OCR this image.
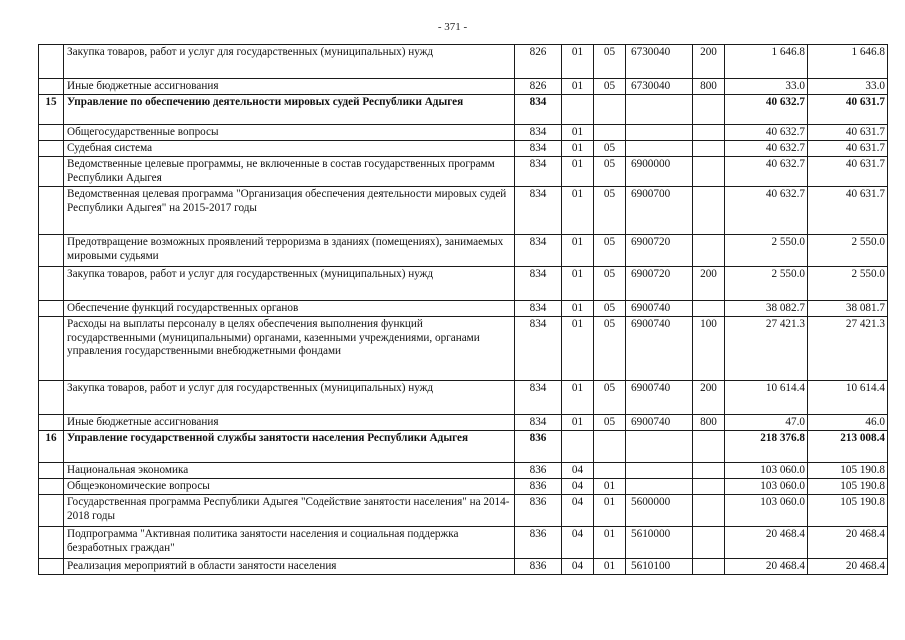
- 371 -
	Закупка товаров, работ и услуг для государственных (муниципальных) нужд	826	01	05	6730040	200	1 646.8	1 646.8
	Иные бюджетные ассигнования	826	01	05	6730040	800	33.0	33.0
15	Управление по обеспечению деятельности мировых судей Республики Адыгея	834					40 632.7	40 631.7
	Общегосударственные вопросы	834	01				40 632.7	40 631.7
	Судебная система	834	01	05			40 632.7	40 631.7
	Ведомственные целевые программы, не включенные в состав государственных программ Республики Адыгея	834	01	05	6900000		40 632.7	40 631.7
	Ведомственная целевая программа "Организация обеспечения деятельности мировых судей Республики Адыгея" на 2015-2017 годы	834	01	05	6900700		40 632.7	40 631.7
	Предотвращение возможных проявлений терроризма в зданиях (помещениях), занимаемых мировыми судьями	834	01	05	6900720		2 550.0	2 550.0
	Закупка товаров, работ и услуг для государственных (муниципальных) нужд	834	01	05	6900720	200	2 550.0	2 550.0
	Обеспечение функций государственных органов	834	01	05	6900740		38 082.7	38 081.7
	Расходы на выплаты персоналу в целях обеспечения выполнения функций государственными (муниципальными) органами, казенными учреждениями, органами управления государственными внебюджетными фондами	834	01	05	6900740	100	27 421.3	27 421.3
	Закупка товаров, работ и услуг для государственных (муниципальных) нужд	834	01	05	6900740	200	10 614.4	10 614.4
	Иные бюджетные ассигнования	834	01	05	6900740	800	47.0	46.0
16	Управление государственной службы занятости населения Республики Адыгея	836					218 376.8	213 008.4
	Национальная экономика	836	04				103 060.0	105 190.8
	Общеэкономические вопросы	836	04	01			103 060.0	105 190.8
	Государственная программа Республики Адыгея "Содействие занятости населения" на 2014-2018 годы	836	04	01	5600000		103 060.0	105 190.8
	Подпрограмма "Активная политика занятости населения и социальная поддержка безработных граждан"	836	04	01	5610000		20 468.4	20 468.4
	Реализация мероприятий в области занятости населения	836	04	01	5610100		20 468.4	20 468.4
